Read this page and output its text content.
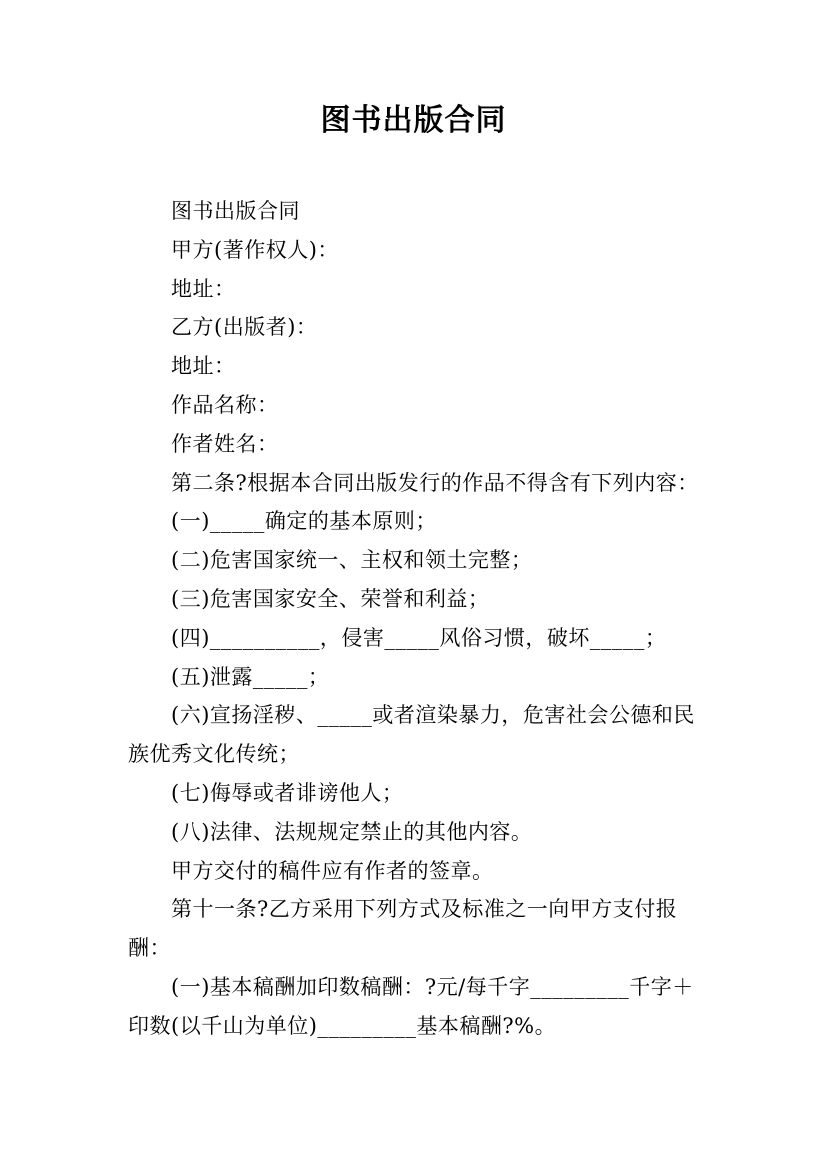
图书出版合同

图书出版合同

甲方(著作权人)：

地址：

乙方(出版者)：

地址：

作品名称：

作者姓名：

第二条?根据本合同出版发行的作品不得含有下列内容：

(一)_____确定的基本原则；

(二)危害国家统一、主权和领土完整；

(三)危害国家安全、荣誉和利益；

(四)__________，侵害_____风俗习惯，破坏_____；

(五)泄露_____；

(六)宣扬淫秽、_____或者渲染暴力，危害社会公德和民族优秀文化传统；

(七)侮辱或者诽谤他人；

(八)法律、法规规定禁止的其他内容。

甲方交付的稿件应有作者的签章。

第十一条?乙方采用下列方式及标准之一向甲方支付报酬：

(一)基本稿酬加印数稿酬：?元/每千字_________千字＋印数(以千山为单位)_________基本稿酬?%。
